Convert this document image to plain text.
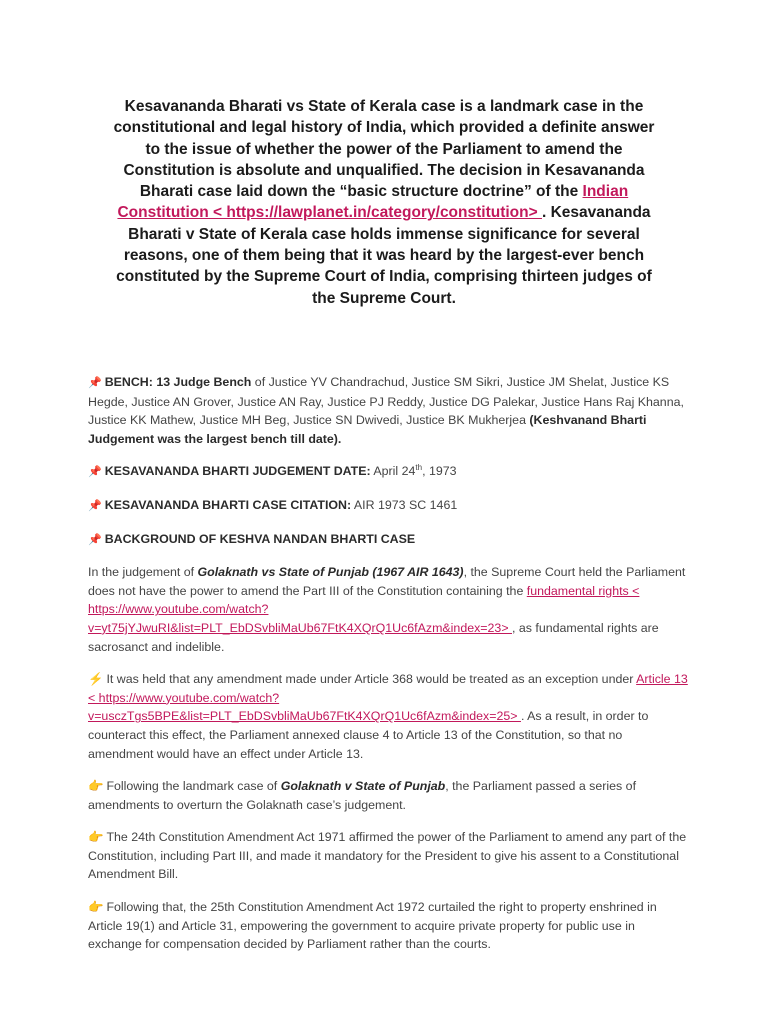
Kesavananda Bharati vs State of Kerala case is a landmark case in the constitutional and legal history of India, which provided a definite answer to the issue of whether the power of the Parliament to amend the Constitution is absolute and unqualified. The decision in Kesavananda Bharati case laid down the “basic structure doctrine” of the Indian Constitution < https://lawplanet.in/category/constitution> . Kesavananda Bharati v State of Kerala case holds immense significance for several reasons, one of them being that it was heard by the largest-ever bench constituted by the Supreme Court of India, comprising thirteen judges of the Supreme Court.

📌 BENCH: 13 Judge Bench of Justice YV Chandrachud, Justice SM Sikri, Justice JM Shelat, Justice KS Hegde, Justice AN Grover, Justice AN Ray, Justice PJ Reddy, Justice DG Palekar, Justice Hans Raj Khanna, Justice KK Mathew, Justice MH Beg, Justice SN Dwivedi, Justice BK Mukherjea (Keshvanand Bharti Judgement was the largest bench till date).

📌 KESAVANANDA BHARTI JUDGEMENT DATE: April 24th, 1973

📌 KESAVANANDA BHARTI CASE CITATION: AIR 1973 SC 1461

📌 BACKGROUND OF KESHVA NANDAN BHARTI CASE

In the judgement of Golaknath vs State of Punjab (1967 AIR 1643), the Supreme Court held the Parliament does not have the power to amend the Part III of the Constitution containing the fundamental rights < https://www.youtube.com/watch?v=yt75jYJwuRI&list=PLT_EbDSvbliMaUb67FtK4XQrQ1Uc6fAzm&index=23> , as fundamental rights are sacrosanct and indelible.

⚡ It was held that any amendment made under Article 368 would be treated as an exception under Article 13 < https://www.youtube.com/watch?v=usczTgs5BPE&list=PLT_EbDSvbliMaUb67FtK4XQrQ1Uc6fAzm&index=25> . As a result, in order to counteract this effect, the Parliament annexed clause 4 to Article 13 of the Constitution, so that no amendment would have an effect under Article 13.

👉 Following the landmark case of Golaknath v State of Punjab, the Parliament passed a series of amendments to overturn the Golaknath case’s judgement.

👉 The 24th Constitution Amendment Act 1971 affirmed the power of the Parliament to amend any part of the Constitution, including Part III, and made it mandatory for the President to give his assent to a Constitutional Amendment Bill.

👉 Following that, the 25th Constitution Amendment Act 1972 curtailed the right to property enshrined in Article 19(1) and Article 31, empowering the government to acquire private property for public use in exchange for compensation decided by Parliament rather than the courts.
